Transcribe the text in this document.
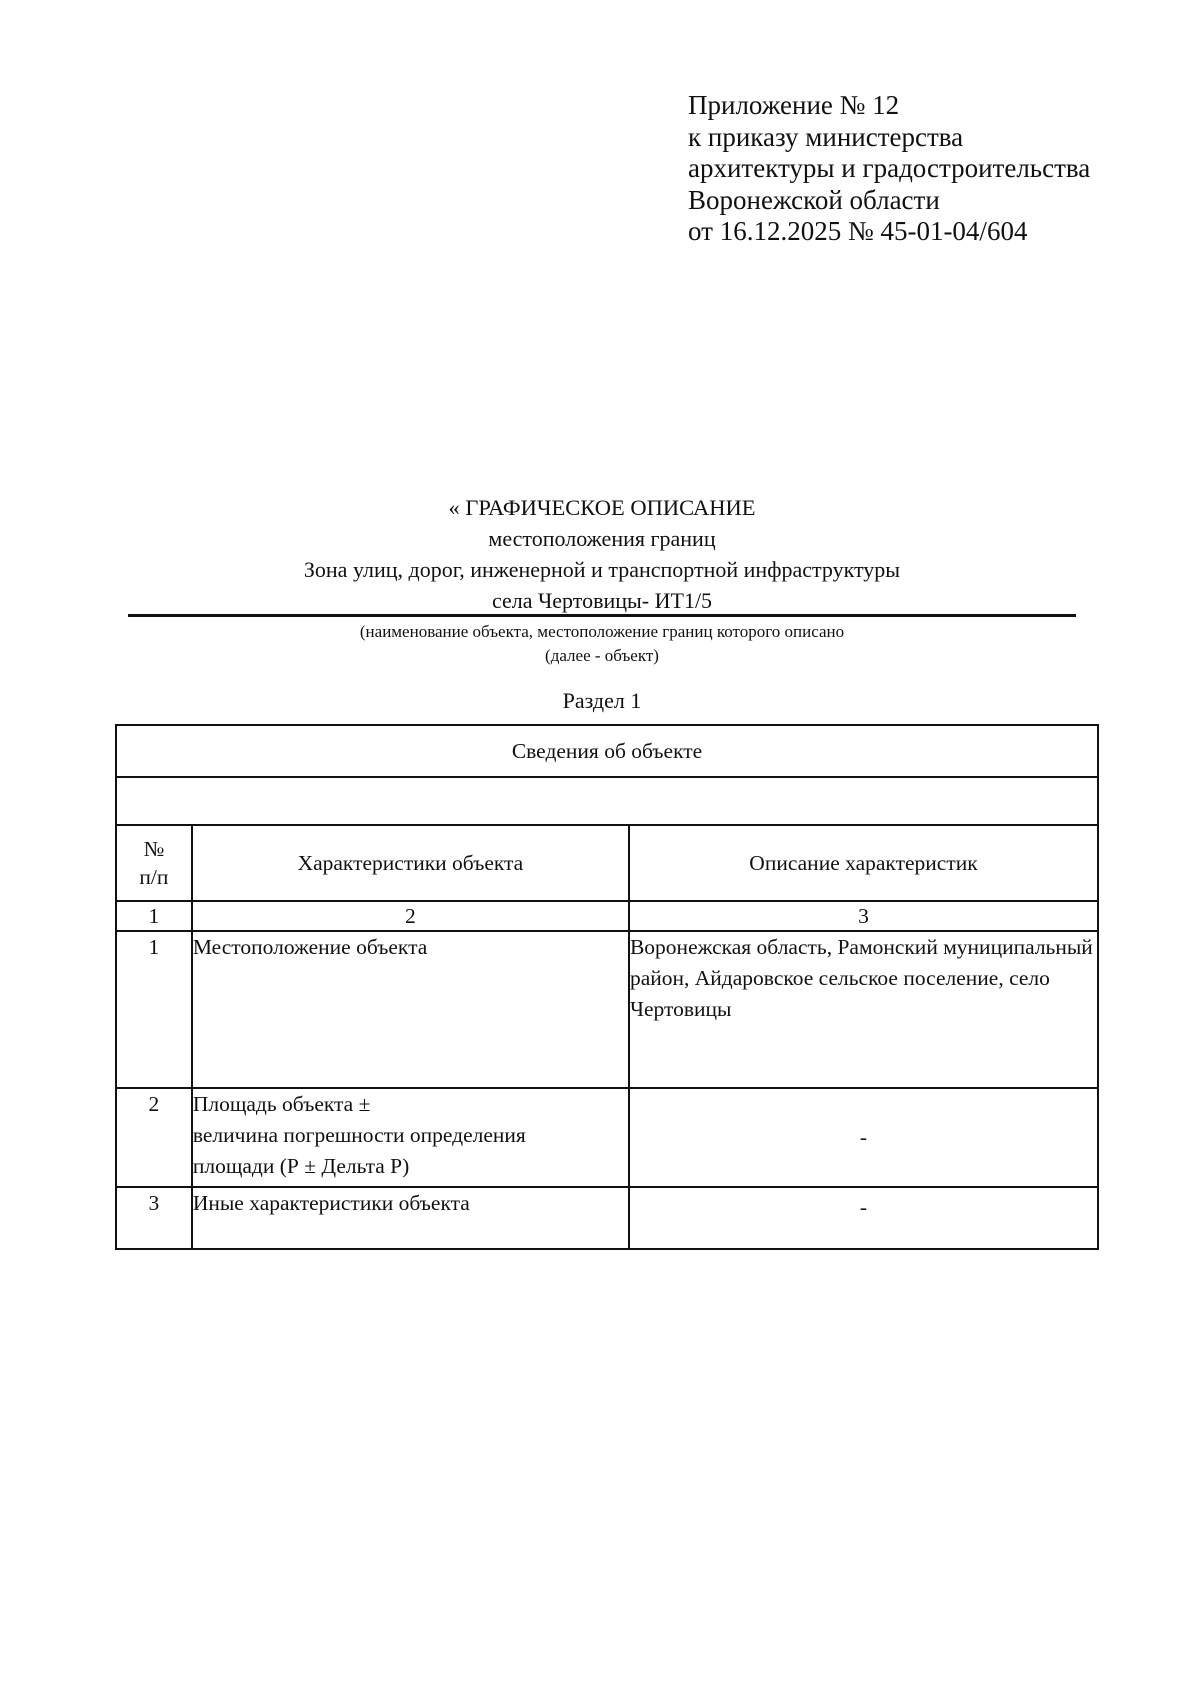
Приложение № 12
к приказу министерства
архитектуры и градостроительства
Воронежской области
от 16.12.2025 № 45-01-04/604
« ГРАФИЧЕСКОЕ ОПИСАНИЕ
местоположения границ
Зона улиц, дорог, инженерной и транспортной инфраструктуры
села Чертовицы- ИТ1/5
(наименование объекта, местоположение границ которого описано
(далее - объект)
Раздел 1
Сведения об объекте		

№
п/п	Характеристики объекта	Описание характеристик
1	2	3
1	Местоположение объекта	Воронежская область, Рамонский муниципальный район, Айдаровское сельское поселение, село Чертовицы
2	Площадь объекта ±
величина погрешности определения
площади (Р ± Дельта Р)	-
3	Иные характеристики объекта	-
